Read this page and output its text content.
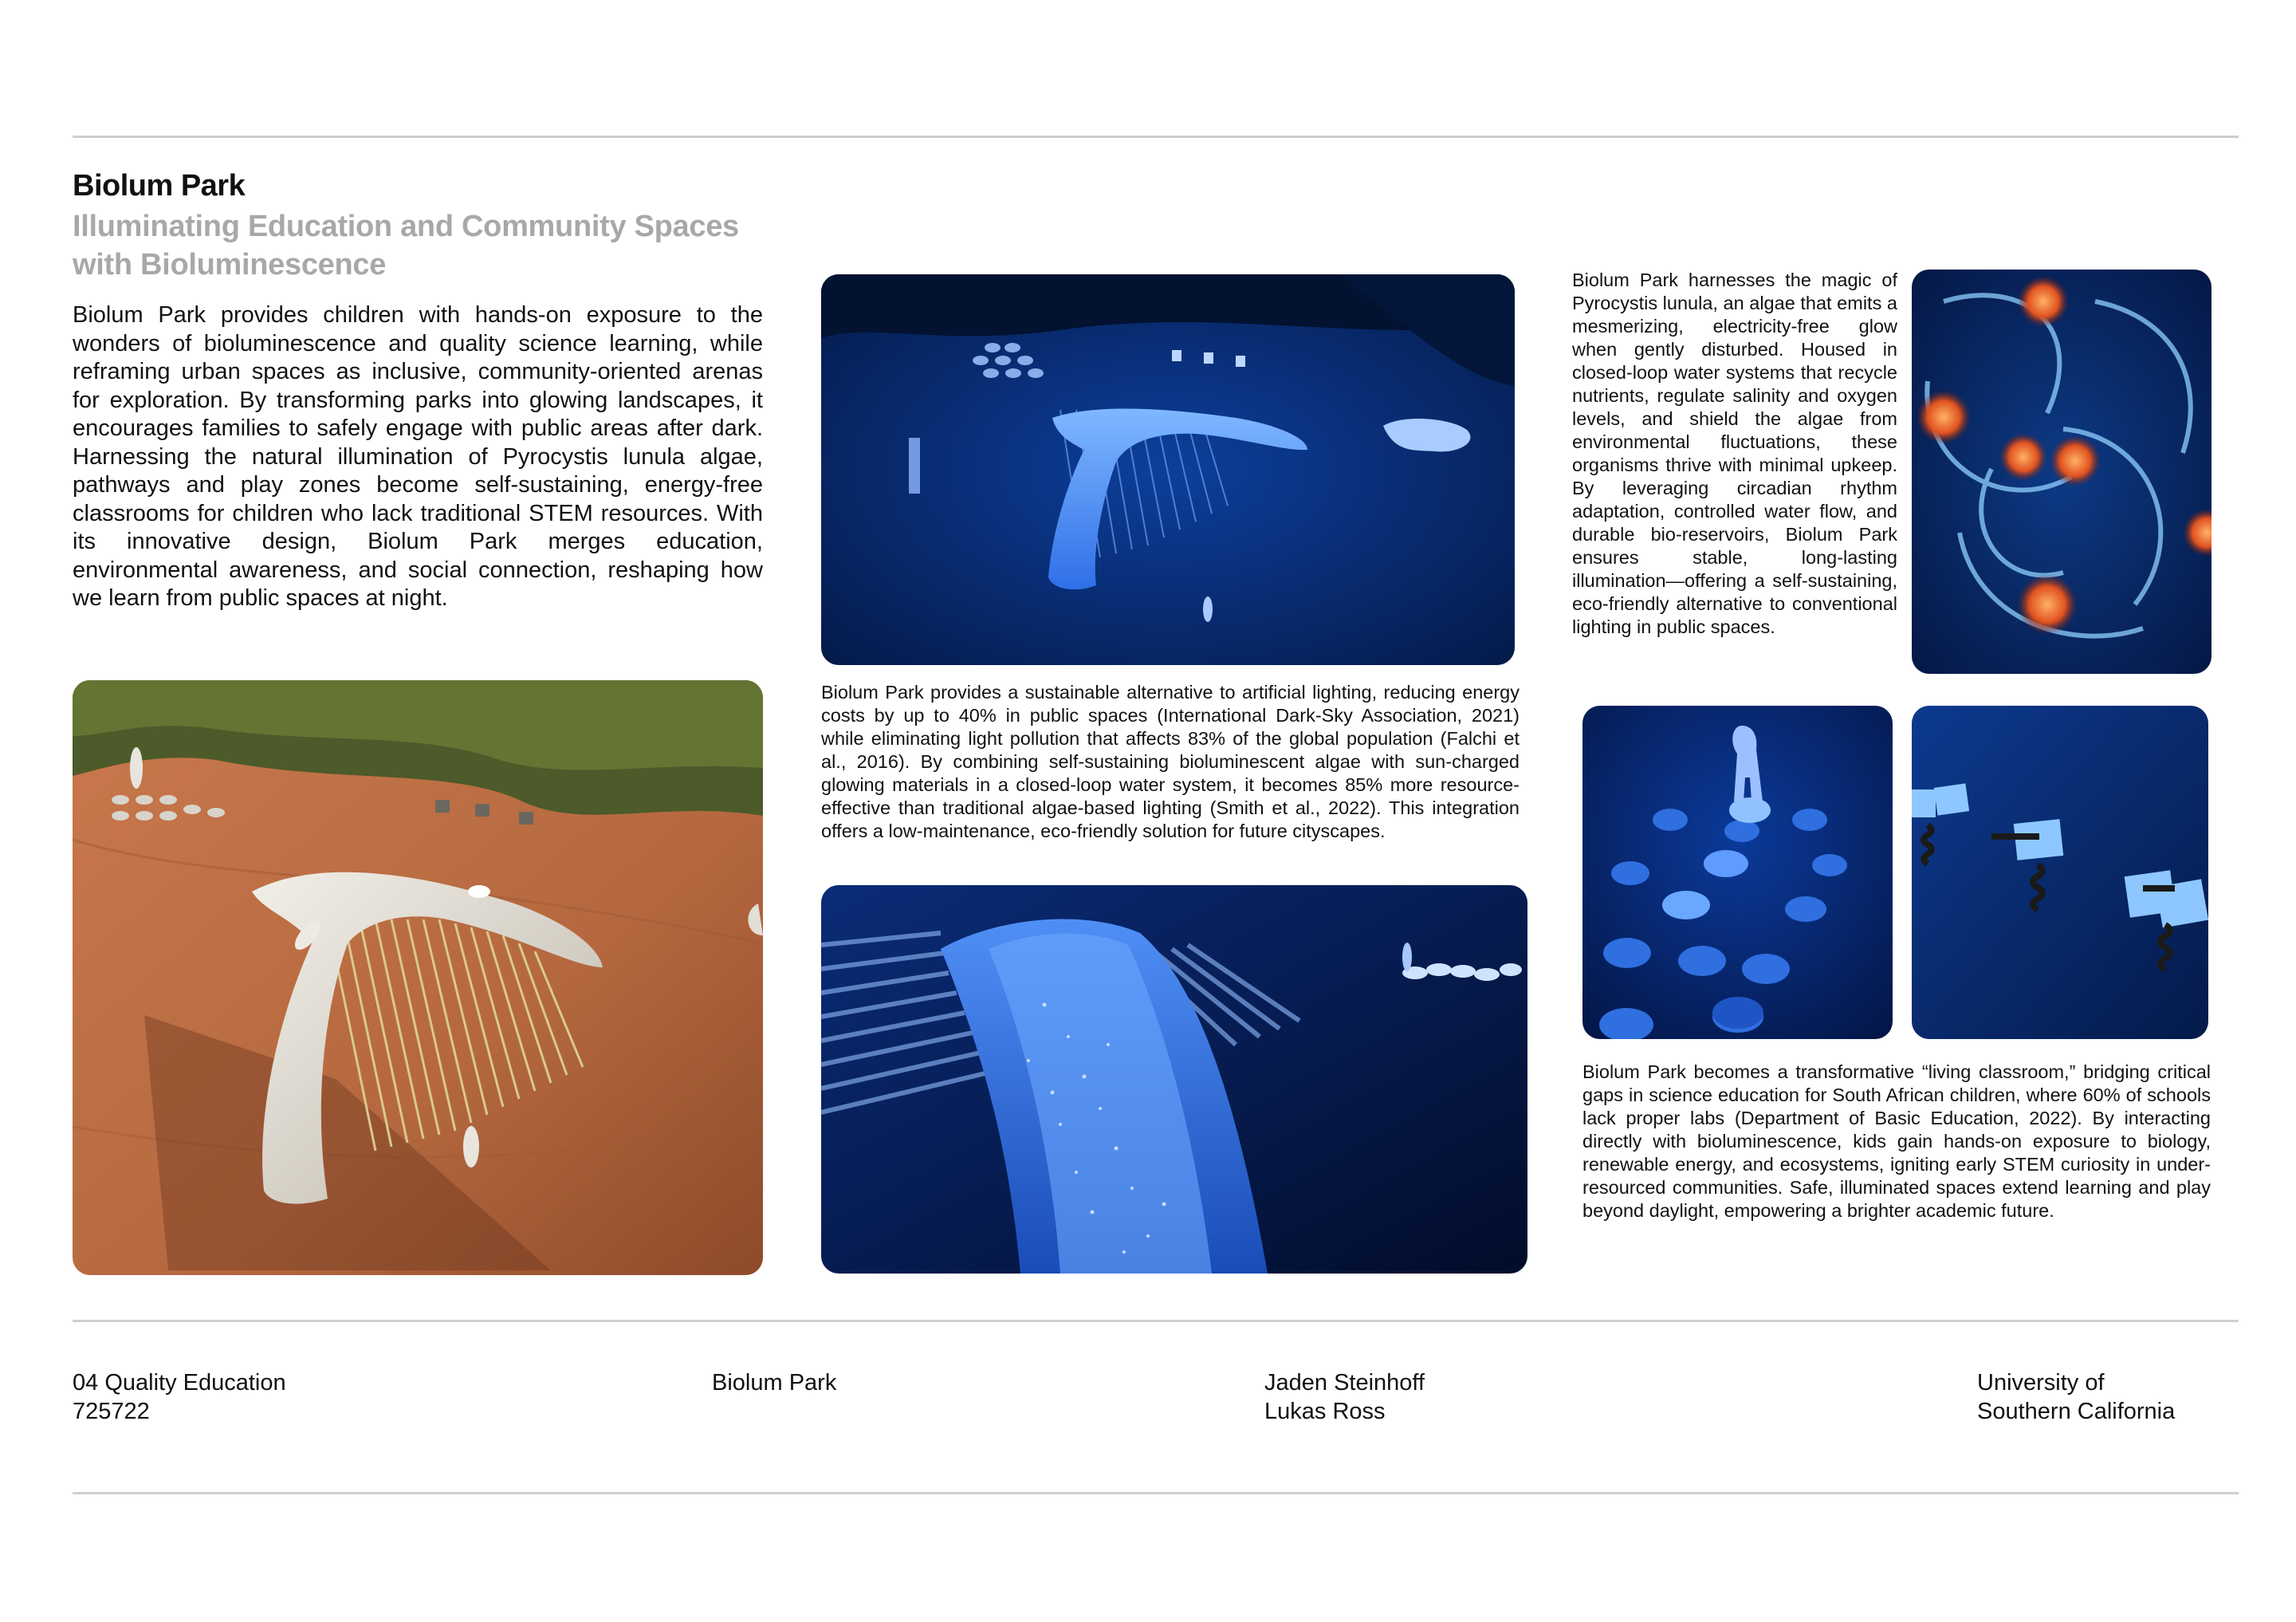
Biolum Park
Illuminating Education and Community Spaces with Bioluminescence

Biolum Park provides children with hands-on exposure to the wonders of bioluminescence and quality science learning, while reframing urban spaces as inclusive, community-oriented arenas for exploration. By transforming parks into glowing landscapes, it encourages families to safely engage with public areas after dark. Harnessing the natural illumination of Pyrocystis lunula algae, pathways and play zones become self-sustaining, energy-free classrooms for children who lack traditional STEM resources. With its innovative design, Biolum Park merges education, environmental awareness, and social connection, reshaping how we learn from public spaces at night.

Biolum Park provides a sustainable alternative to artificial lighting, reducing energy costs by up to 40% in public spaces (International Dark-Sky Association, 2021) while eliminating light pollution that affects 83% of the global population (Falchi et al., 2016). By combining self-sustaining bioluminescent algae with sun-charged glowing materials in a closed-loop water system, it becomes 85% more resource-effective than traditional algae-based lighting (Smith et al., 2022). This integration offers a low-maintenance, eco-friendly solution for future cityscapes.

Biolum Park harnesses the magic of Pyrocystis lunula, an algae that emits a mesmerizing, electricity-free glow when gently disturbed. Housed in closed-loop water systems that recycle nutrients, regulate salinity and oxygen levels, and shield the algae from environmental fluctuations, these organisms thrive with minimal upkeep. By leveraging circadian rhythm adaptation, controlled water flow, and durable bio-reservoirs, Biolum Park ensures stable, long-lasting illumination—offering a self-sustaining, eco-friendly alternative to conventional lighting in public spaces.

Biolum Park becomes a transformative “living classroom,” bridging critical gaps in science education for South African children, where 60% of schools lack proper labs (Department of Basic Education, 2022). By interacting directly with bioluminescence, kids gain hands-on exposure to biology, renewable energy, and ecosystems, igniting early STEM curiosity in under-resourced communities. Safe, illuminated spaces extend learning and play beyond daylight, empowering a brighter academic future.

04 Quality Education
725722

Biolum Park	Jaden Steinhoff
Lukas Ross

University of
Southern California
